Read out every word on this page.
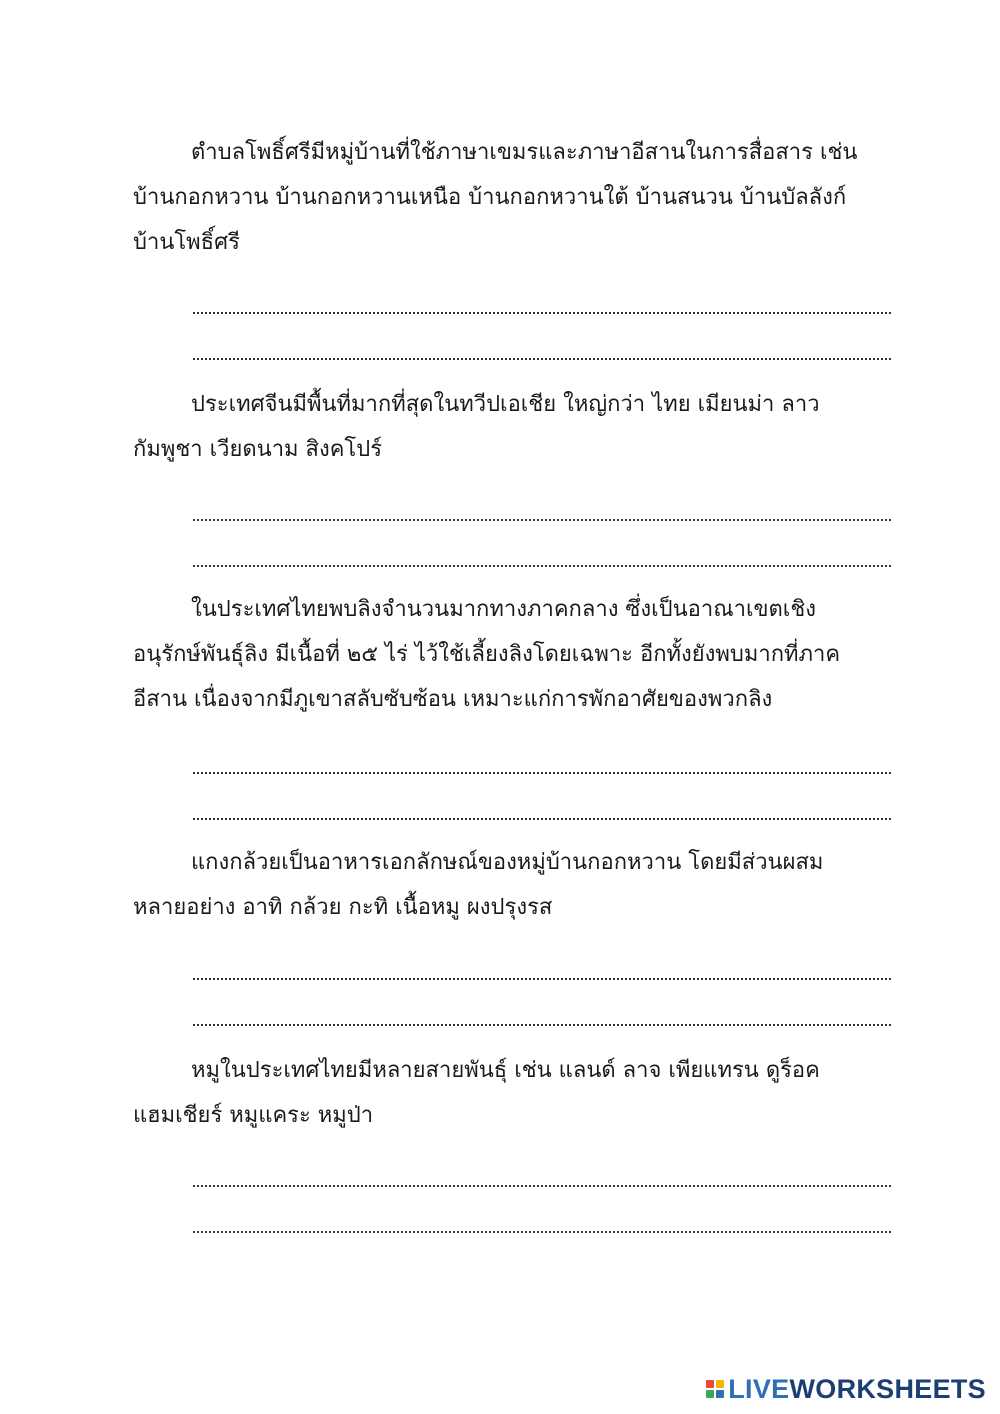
ตำบลโพธิ์ศรีมีหมู่บ้านที่ใช้ภาษาเขมรและภาษาอีสานในการสื่อสาร เช่น
บ้านกอกหวาน บ้านกอกหวานเหนือ บ้านกอกหวานใต้ บ้านสนวน บ้านบัลลังก์
บ้านโพธิ์ศรี
ประเทศจีนมีพื้นที่มากที่สุดในทวีปเอเชีย ใหญ่กว่า ไทย เมียนม่า ลาว
กัมพูชา เวียดนาม สิงคโปร์
ในประเทศไทยพบลิงจำนวนมากทางภาคกลาง ซึ่งเป็นอาณาเขตเชิง
อนุรักษ์พันธุ์ลิง มีเนื้อที่ ๒๕ ไร่ ไว้ใช้เลี้ยงลิงโดยเฉพาะ อีกทั้งยังพบมากที่ภาค
อีสาน เนื่องจากมีภูเขาสลับซับซ้อน เหมาะแก่การพักอาศัยของพวกลิง
แกงกล้วยเป็นอาหารเอกลักษณ์ของหมู่บ้านกอกหวาน โดยมีส่วนผสม
หลายอย่าง อาทิ กล้วย กะทิ เนื้อหมู ผงปรุงรส
หมูในประเทศไทยมีหลายสายพันธุ์ เช่น แลนด์ ลาจ เพียแทรน ดูร็อค
แฮมเชียร์ หมูแคระ หมูป่า
LIVEWORKSHEETS
